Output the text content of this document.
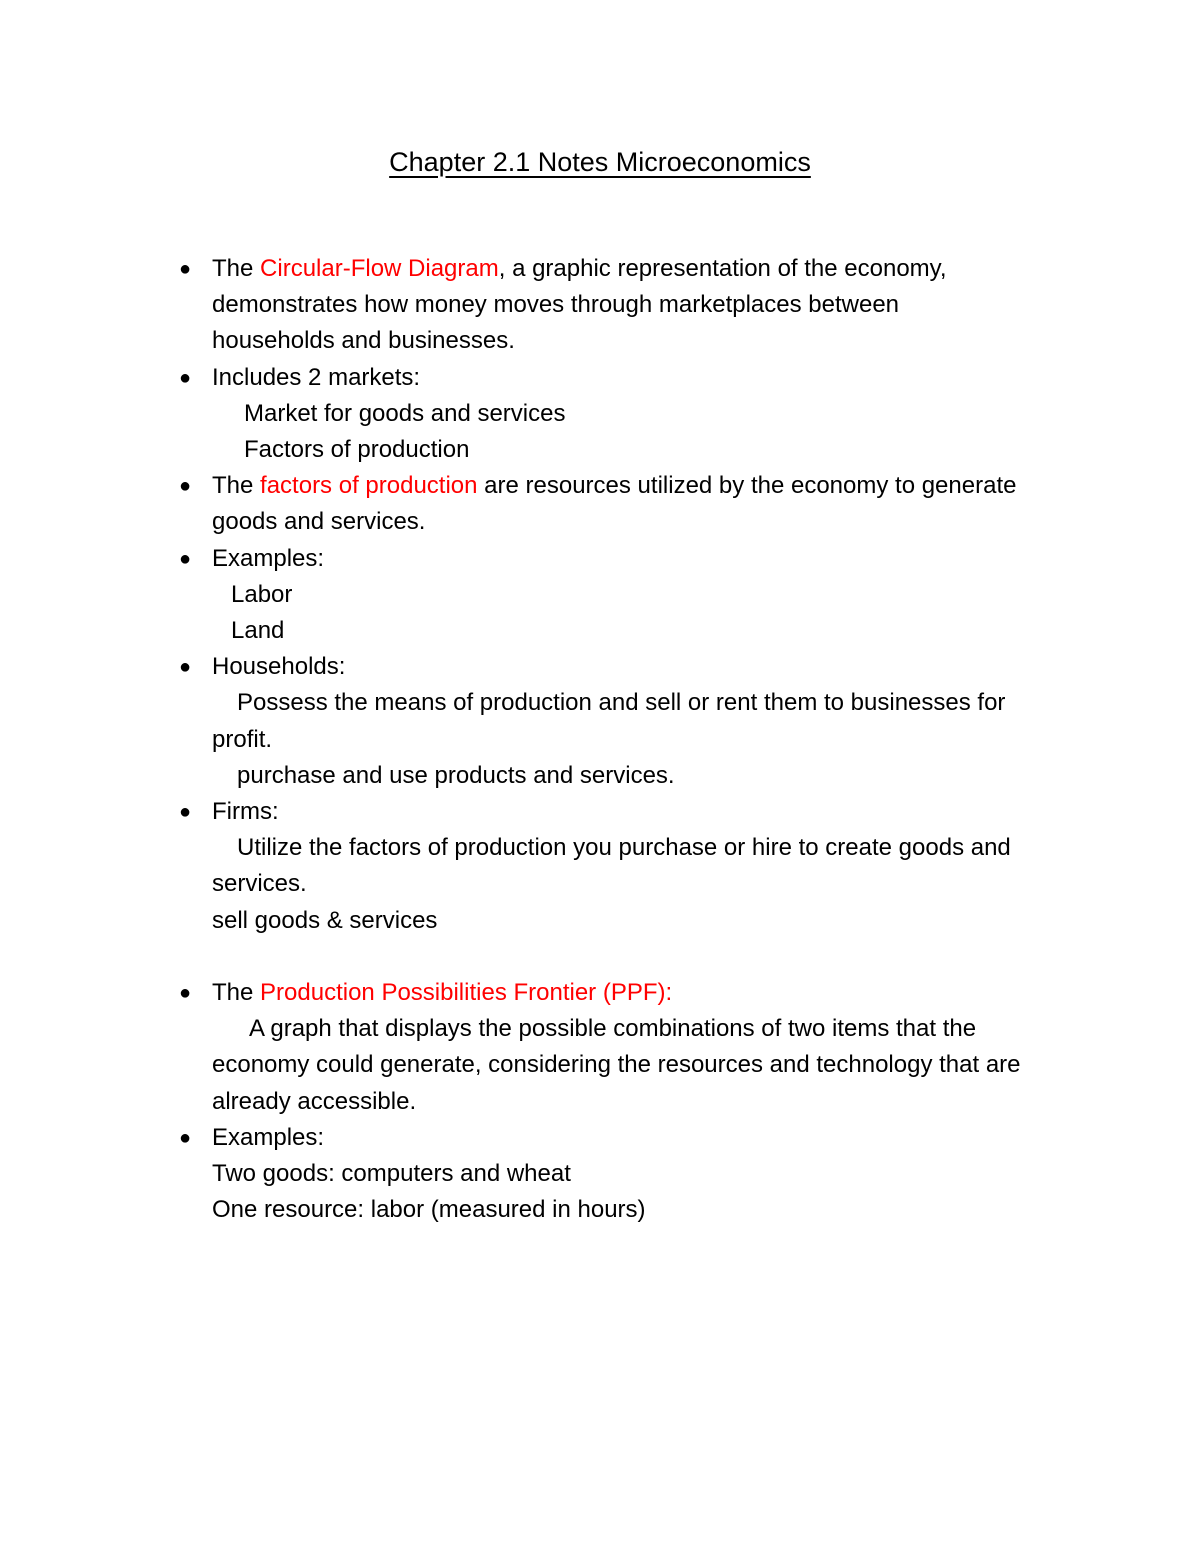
Chapter 2.1 Notes Microeconomics
● The Circular-Flow Diagram, a graphic representation of the economy,
demonstrates how money moves through marketplaces between
households and businesses.
● Includes 2 markets:
Market for goods and services
Factors of production
● The factors of production are resources utilized by the economy to generate
goods and services.
● Examples:
Labor
Land
● Households:
Possess the means of production and sell or rent them to businesses for
profit.
purchase and use products and services.
● Firms:
Utilize the factors of production you purchase or hire to create goods and
services.
sell goods & services
● The Production Possibilities Frontier (PPF):
A graph that displays the possible combinations of two items that the
economy could generate, considering the resources and technology that are
already accessible.
● Examples:
Two goods: computers and wheat
One resource: labor (measured in hours)
